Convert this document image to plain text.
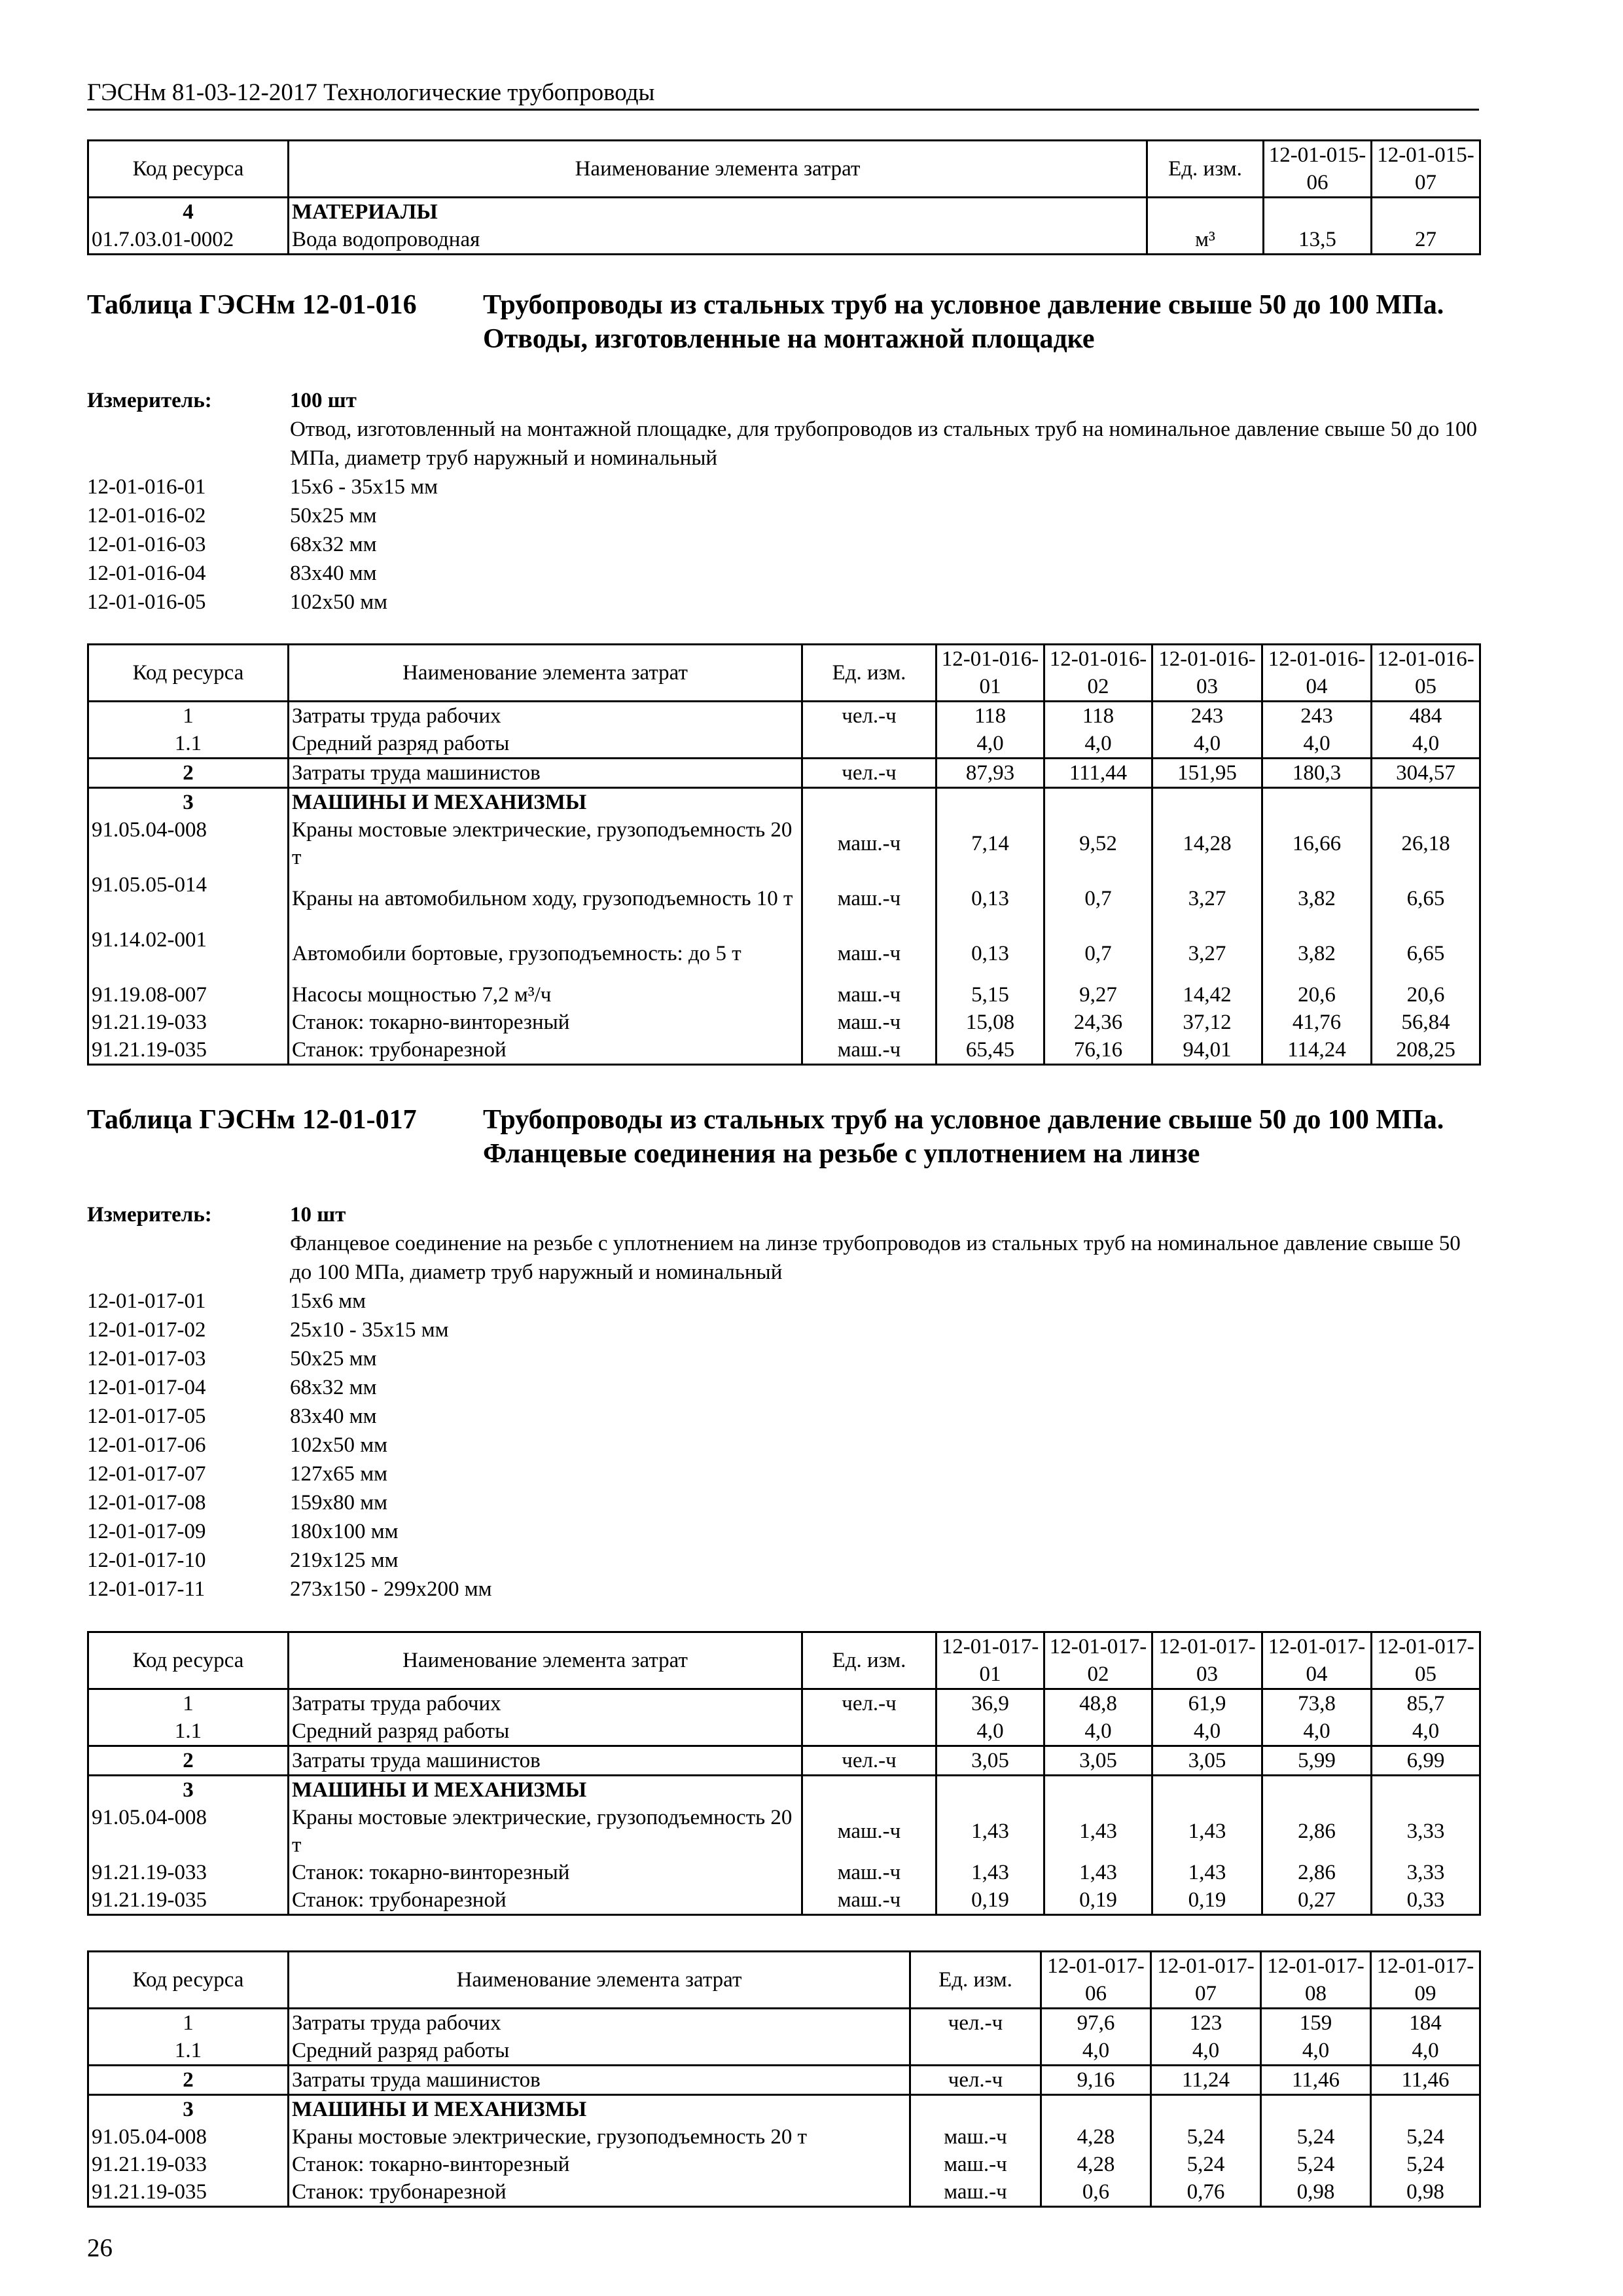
ГЭСНм 81-03-12-2017 Технологические трубопроводы
Код ресурса	Наименование элемента затрат	Ед. изм.	12-01-015-06	12-01-015-07
4	МАТЕРИАЛЫ			
01.7.03.01-0002	Вода водопроводная	м³	13,5	27
Таблица ГЭСНм 12-01-016 Трубопроводы из стальных труб на условное давление свыше 50 до 100 МПа. Отводы, изготовленные на монтажной площадке
Измеритель:	100 шт
Отвод, изготовленный на монтажной площадке, для трубопроводов из стальных труб на номинальное давление свыше 50 до 100 МПа, диаметр труб наружный и номинальный
12-01-016-01	15х6 - 35х15 мм
12-01-016-02	50х25 мм
12-01-016-03	68х32 мм
12-01-016-04	83х40 мм
12-01-016-05	102х50 мм
Код ресурса	Наименование элемента затрат	Ед. изм.	12-01-016-01	12-01-016-02	12-01-016-03	12-01-016-04	12-01-016-05
1	Затраты труда рабочих	чел.-ч	118	118	243	243	484
1.1	Средний разряд работы		4,0	4,0	4,0	4,0	4,0
2	Затраты труда машинистов	чел.-ч	87,93	111,44	151,95	180,3	304,57
3	МАШИНЫ И МЕХАНИЗМЫ						
91.05.04-008	Краны мостовые электрические, грузоподъемность 20 т	маш.-ч	7,14	9,52	14,28	16,66	26,18
91.05.05-014	Краны на автомобильном ходу, грузоподъемность 10 т	маш.-ч	0,13	0,7	3,27	3,82	6,65
91.14.02-001	Автомобили бортовые, грузоподъемность: до 5 т	маш.-ч	0,13	0,7	3,27	3,82	6,65
91.19.08-007	Насосы мощностью 7,2 м³/ч	маш.-ч	5,15	9,27	14,42	20,6	20,6
91.21.19-033	Станок: токарно-винторезный	маш.-ч	15,08	24,36	37,12	41,76	56,84
91.21.19-035	Станок: трубонарезной	маш.-ч	65,45	76,16	94,01	114,24	208,25
Таблица ГЭСНм 12-01-017 Трубопроводы из стальных труб на условное давление свыше 50 до 100 МПа. Фланцевые соединения на резьбе с уплотнением на линзе
Измеритель:	10 шт
Фланцевое соединение на резьбе с уплотнением на линзе трубопроводов из стальных труб на номинальное давление свыше 50 до 100 МПа, диаметр труб наружный и номинальный
12-01-017-01	15х6 мм
12-01-017-02	25х10 - 35х15 мм
12-01-017-03	50х25 мм
12-01-017-04	68х32 мм
12-01-017-05	83х40 мм
12-01-017-06	102х50 мм
12-01-017-07	127х65 мм
12-01-017-08	159х80 мм
12-01-017-09	180х100 мм
12-01-017-10	219х125 мм
12-01-017-11	273х150 - 299х200 мм
Код ресурса	Наименование элемента затрат	Ед. изм.	12-01-017-01	12-01-017-02	12-01-017-03	12-01-017-04	12-01-017-05
1	Затраты труда рабочих	чел.-ч	36,9	48,8	61,9	73,8	85,7
1.1	Средний разряд работы		4,0	4,0	4,0	4,0	4,0
2	Затраты труда машинистов	чел.-ч	3,05	3,05	3,05	5,99	6,99
3	МАШИНЫ И МЕХАНИЗМЫ						
91.05.04-008	Краны мостовые электрические, грузоподъемность 20 т	маш.-ч	1,43	1,43	1,43	2,86	3,33
91.21.19-033	Станок: токарно-винторезный	маш.-ч	1,43	1,43	1,43	2,86	3,33
91.21.19-035	Станок: трубонарезной	маш.-ч	0,19	0,19	0,19	0,27	0,33
Код ресурса	Наименование элемента затрат	Ед. изм.	12-01-017-06	12-01-017-07	12-01-017-08	12-01-017-09
1	Затраты труда рабочих	чел.-ч	97,6	123	159	184
1.1	Средний разряд работы		4,0	4,0	4,0	4,0
2	Затраты труда машинистов	чел.-ч	9,16	11,24	11,46	11,46
3	МАШИНЫ И МЕХАНИЗМЫ					
91.05.04-008	Краны мостовые электрические, грузоподъемность 20 т	маш.-ч	4,28	5,24	5,24	5,24
91.21.19-033	Станок: токарно-винторезный	маш.-ч	4,28	5,24	5,24	5,24
91.21.19-035	Станок: трубонарезной	маш.-ч	0,6	0,76	0,98	0,98
26
